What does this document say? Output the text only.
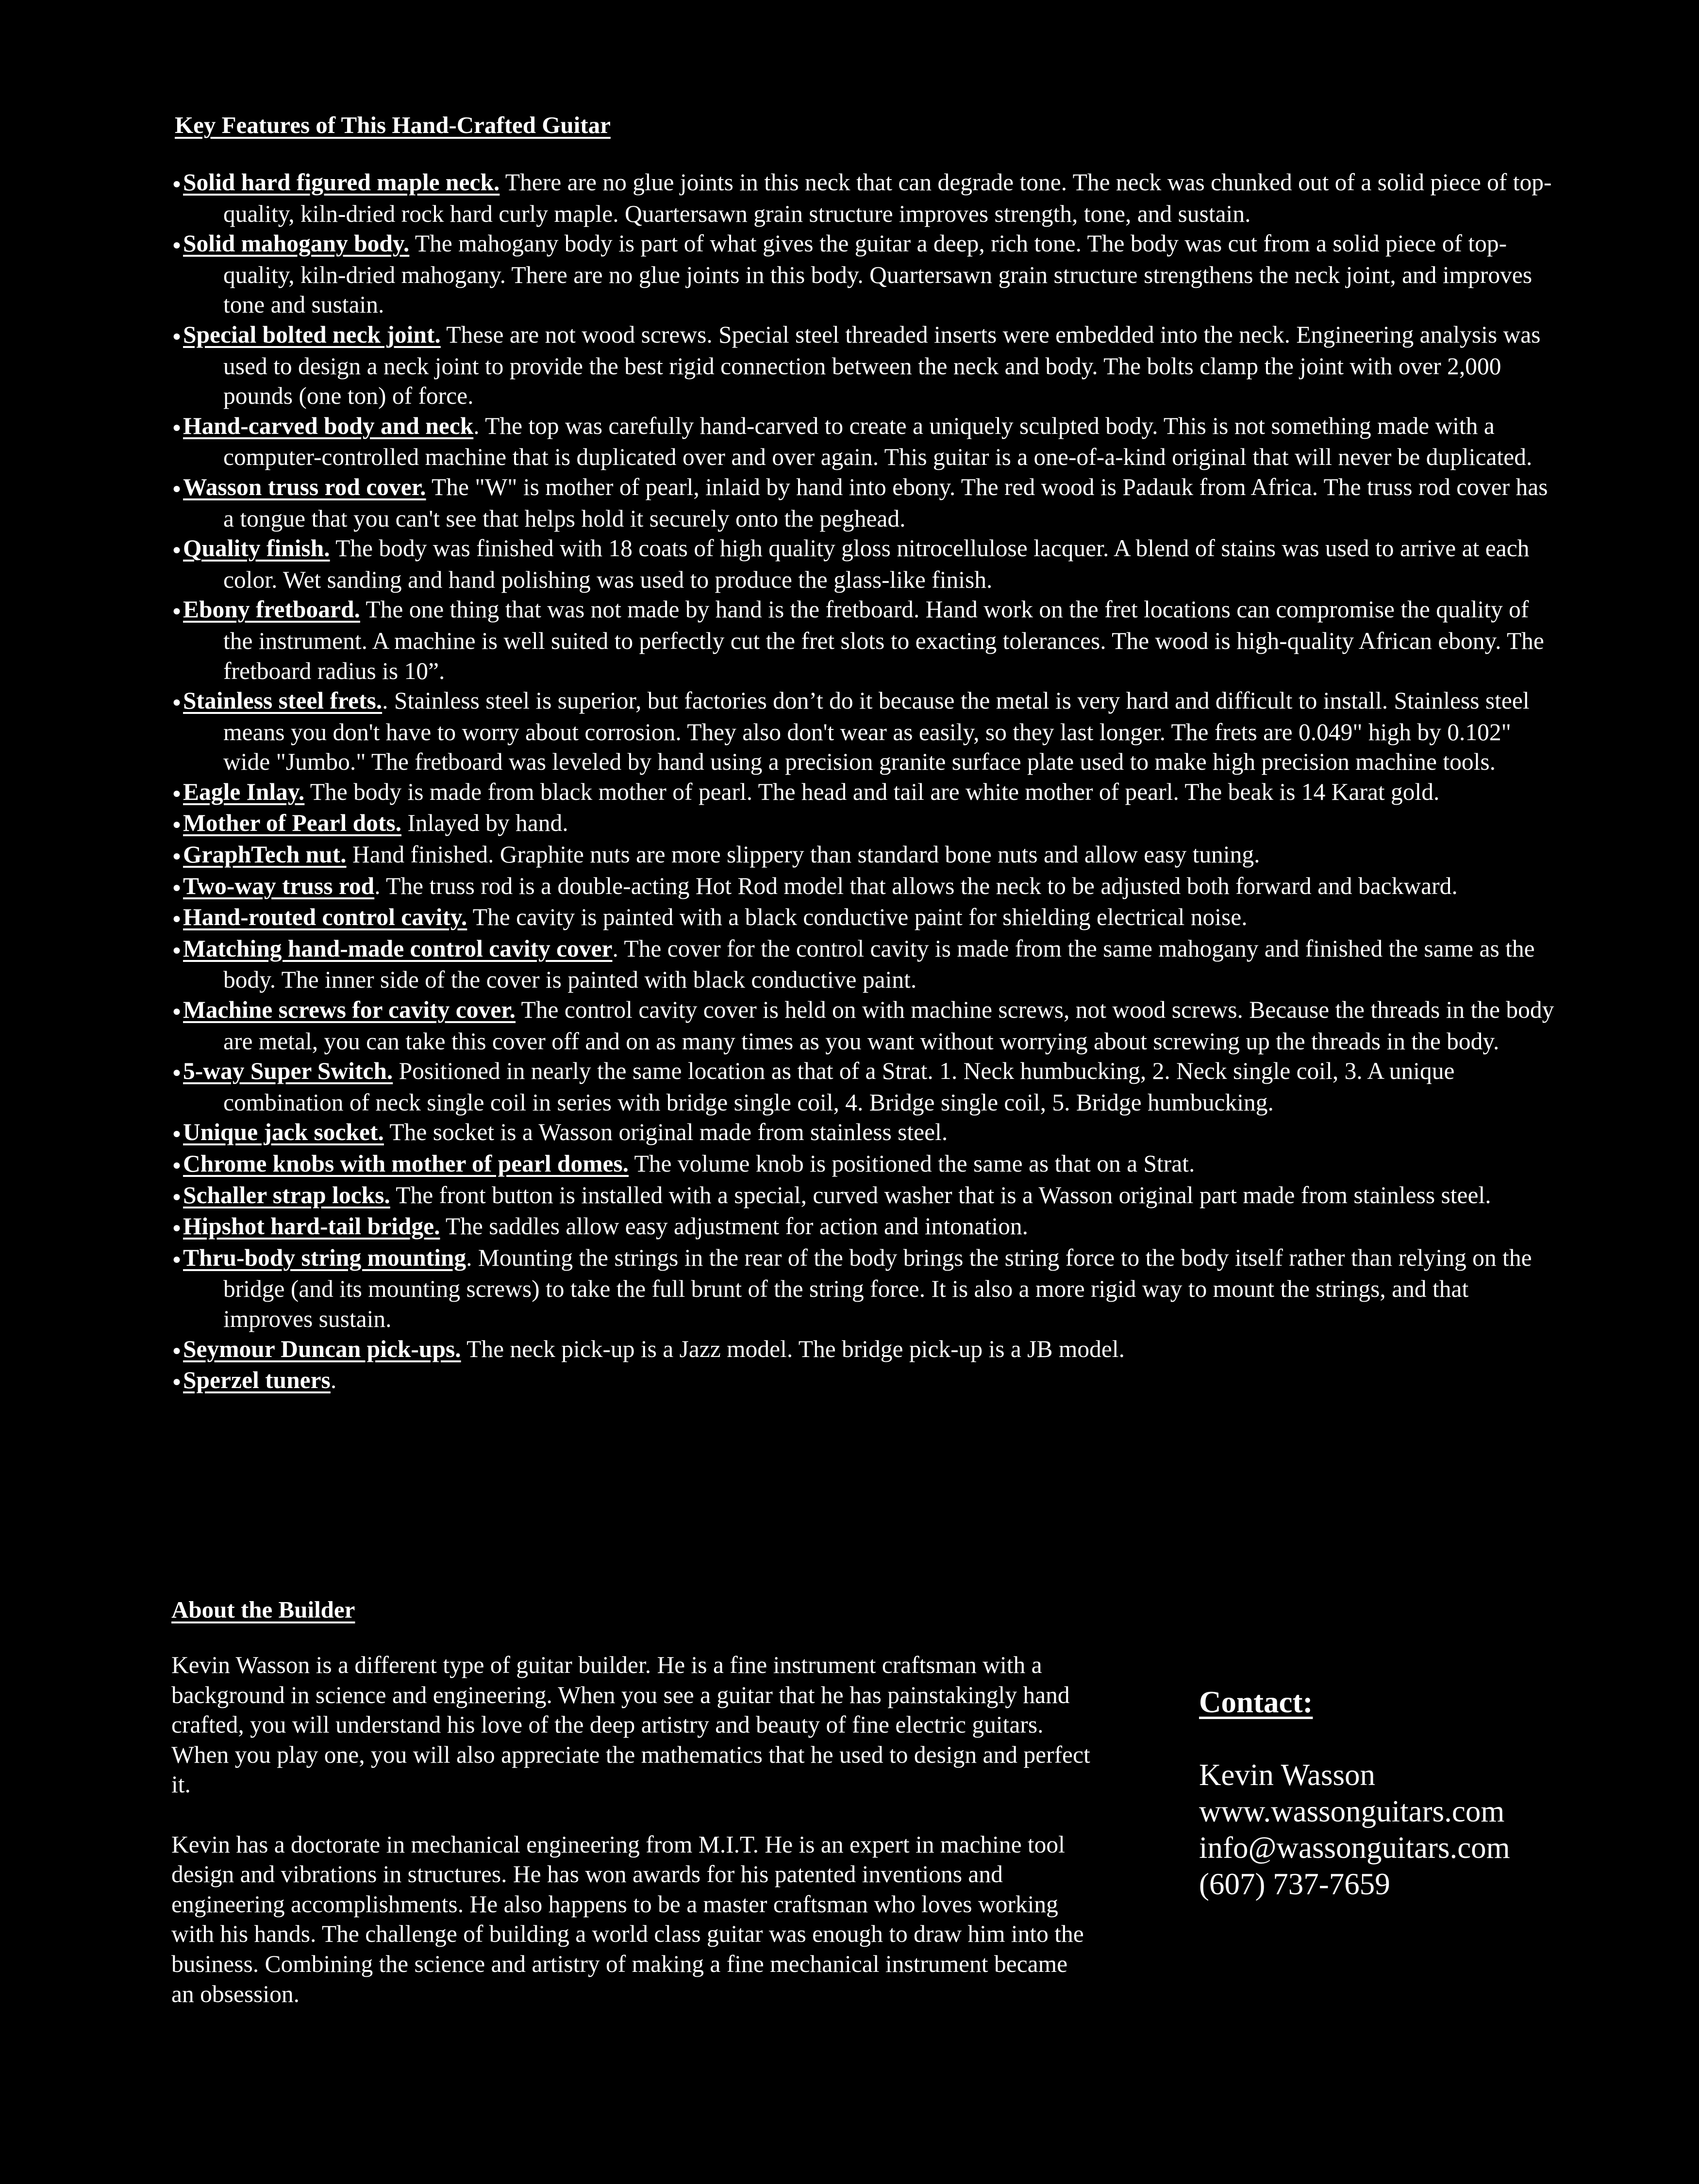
Key Features of This Hand-Crafted Guitar
●Solid hard figured maple neck. There are no glue joints in this neck that can degrade tone. The neck was chunked out of a solid piece of top-quality, kiln-dried rock hard curly maple. Quartersawn grain structure improves strength, tone, and sustain.
●Solid mahogany body. The mahogany body is part of what gives the guitar a deep, rich tone. The body was cut from a solid piece of top-quality, kiln-dried mahogany. There are no glue joints in this body. Quartersawn grain structure strengthens the neck joint, and improves tone and sustain.
●Special bolted neck joint. These are not wood screws. Special steel threaded inserts were embedded into the neck. Engineering analysis was used to design a neck joint to provide the best rigid connection between the neck and body. The bolts clamp the joint with over 2,000 pounds (one ton) of force.
●Hand-carved body and neck. The top was carefully hand-carved to create a uniquely sculpted body. This is not something made with a computer-controlled machine that is duplicated over and over again. This guitar is a one-of-a-kind original that will never be duplicated.
●Wasson truss rod cover. The "W" is mother of pearl, inlaid by hand into ebony. The red wood is Padauk from Africa. The truss rod cover has a tongue that you can't see that helps hold it securely onto the peghead.
●Quality finish. The body was finished with 18 coats of high quality gloss nitrocellulose lacquer. A blend of stains was used to arrive at each color. Wet sanding and hand polishing was used to produce the glass-like finish.
●Ebony fretboard. The one thing that was not made by hand is the fretboard. Hand work on the fret locations can compromise the quality of the instrument. A machine is well suited to perfectly cut the fret slots to exacting tolerances. The wood is high-quality African ebony. The fretboard radius is 10”.
●Stainless steel frets.. Stainless steel is superior, but factories don’t do it because the metal is very hard and difficult to install. Stainless steel means you don't have to worry about corrosion. They also don't wear as easily, so they last longer. The frets are 0.049" high by 0.102" wide "Jumbo." The fretboard was leveled by hand using a precision granite surface plate used to make high precision machine tools.
●Eagle Inlay. The body is made from black mother of pearl. The head and tail are white mother of pearl. The beak is 14 Karat gold.
●Mother of Pearl dots. Inlayed by hand.
●GraphTech nut. Hand finished. Graphite nuts are more slippery than standard bone nuts and allow easy tuning.
●Two-way truss rod. The truss rod is a double-acting Hot Rod model that allows the neck to be adjusted both forward and backward.
●Hand-routed control cavity. The cavity is painted with a black conductive paint for shielding electrical noise.
●Matching hand-made control cavity cover. The cover for the control cavity is made from the same mahogany and finished the same as the body. The inner side of the cover is painted with black conductive paint.
●Machine screws for cavity cover. The control cavity cover is held on with machine screws, not wood screws. Because the threads in the body are metal, you can take this cover off and on as many times as you want without worrying about screwing up the threads in the body.
●5-way Super Switch. Positioned in nearly the same location as that of a Strat. 1. Neck humbucking, 2. Neck single coil, 3. A unique combination of neck single coil in series with bridge single coil, 4. Bridge single coil, 5. Bridge humbucking.
●Unique jack socket. The socket is a Wasson original made from stainless steel.
●Chrome knobs with mother of pearl domes. The volume knob is positioned the same as that on a Strat.
●Schaller strap locks. The front button is installed with a special, curved washer that is a Wasson original part made from stainless steel.
●Hipshot hard-tail bridge. The saddles allow easy adjustment for action and intonation.
●Thru-body string mounting. Mounting the strings in the rear of the body brings the string force to the body itself rather than relying on the bridge (and its mounting screws) to take the full brunt of the string force. It is also a more rigid way to mount the strings, and that improves sustain.
●Seymour Duncan pick-ups. The neck pick-up is a Jazz model. The bridge pick-up is a JB model.
●Sperzel tuners.
About the Builder

Kevin Wasson is a different type of guitar builder. He is a fine instrument craftsman with a background in science and engineering. When you see a guitar that he has painstakingly hand crafted, you will understand his love of the deep artistry and beauty of fine electric guitars. When you play one, you will also appreciate the mathematics that he used to design and perfect it.

Kevin has a doctorate in mechanical engineering from M.I.T. He is an expert in machine tool design and vibrations in structures. He has won awards for his patented inventions and engineering accomplishments. He also happens to be a master craftsman who loves working with his hands. The challenge of building a world class guitar was enough to draw him into the business. Combining the science and artistry of making a fine mechanical instrument became an obsession.

Contact:
Kevin Wasson
www.wassonguitars.com
info@wassonguitars.com
(607) 737-7659
